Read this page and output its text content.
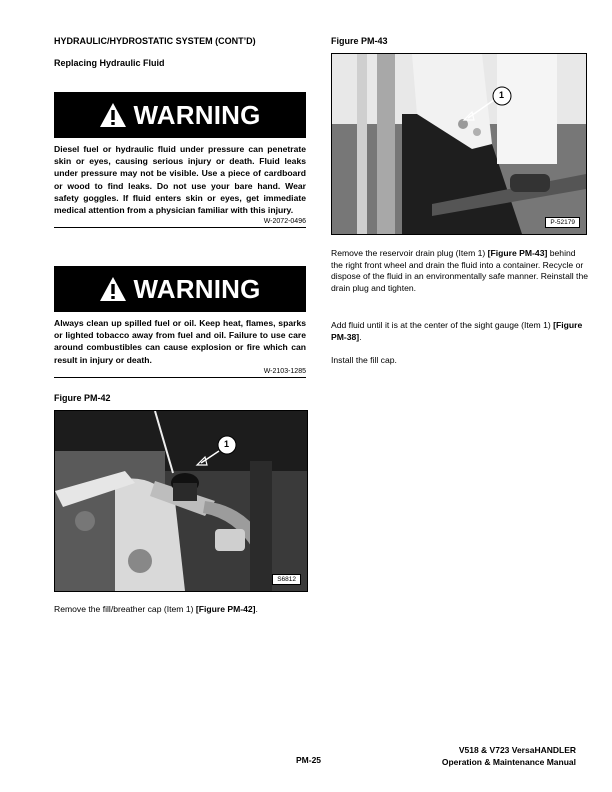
HYDRAULIC/HYDROSTATIC SYSTEM (CONT’D)
Replacing Hydraulic Fluid
WARNING

Diesel fuel or hydraulic fluid under pressure can penetrate skin or eyes, causing serious injury or death. Fluid leaks under pressure may not be visible. Use a piece of cardboard or wood to find leaks. Do not use your bare hand. Wear safety goggles. If fluid enters skin or eyes, get immediate medical attention from a physician familiar with this injury.

W-2072-0496
WARNING

Always clean up spilled fuel or oil. Keep heat, flames, sparks or lighted tobacco away from fuel and oil. Failure to use care around combustibles can cause explosion or fire which can result in injury or death.

W-2103-1285
Figure PM-42
1
S6812

Remove the fill/breather cap (Item 1) [Figure PM-42].

Figure PM-43
1
P-52179

Remove the reservoir drain plug (Item 1) [Figure PM-43] behind the right front wheel and drain the fluid into a container. Recycle or dispose of the fluid in an environmentally safe manner. Reinstall the drain plug and tighten.

Add fluid until it is at the center of the sight gauge (Item 1) [Figure PM-38].

Install the fill cap.

PM-25
V518 & V723 VersaHANDLER
Operation & Maintenance Manual
